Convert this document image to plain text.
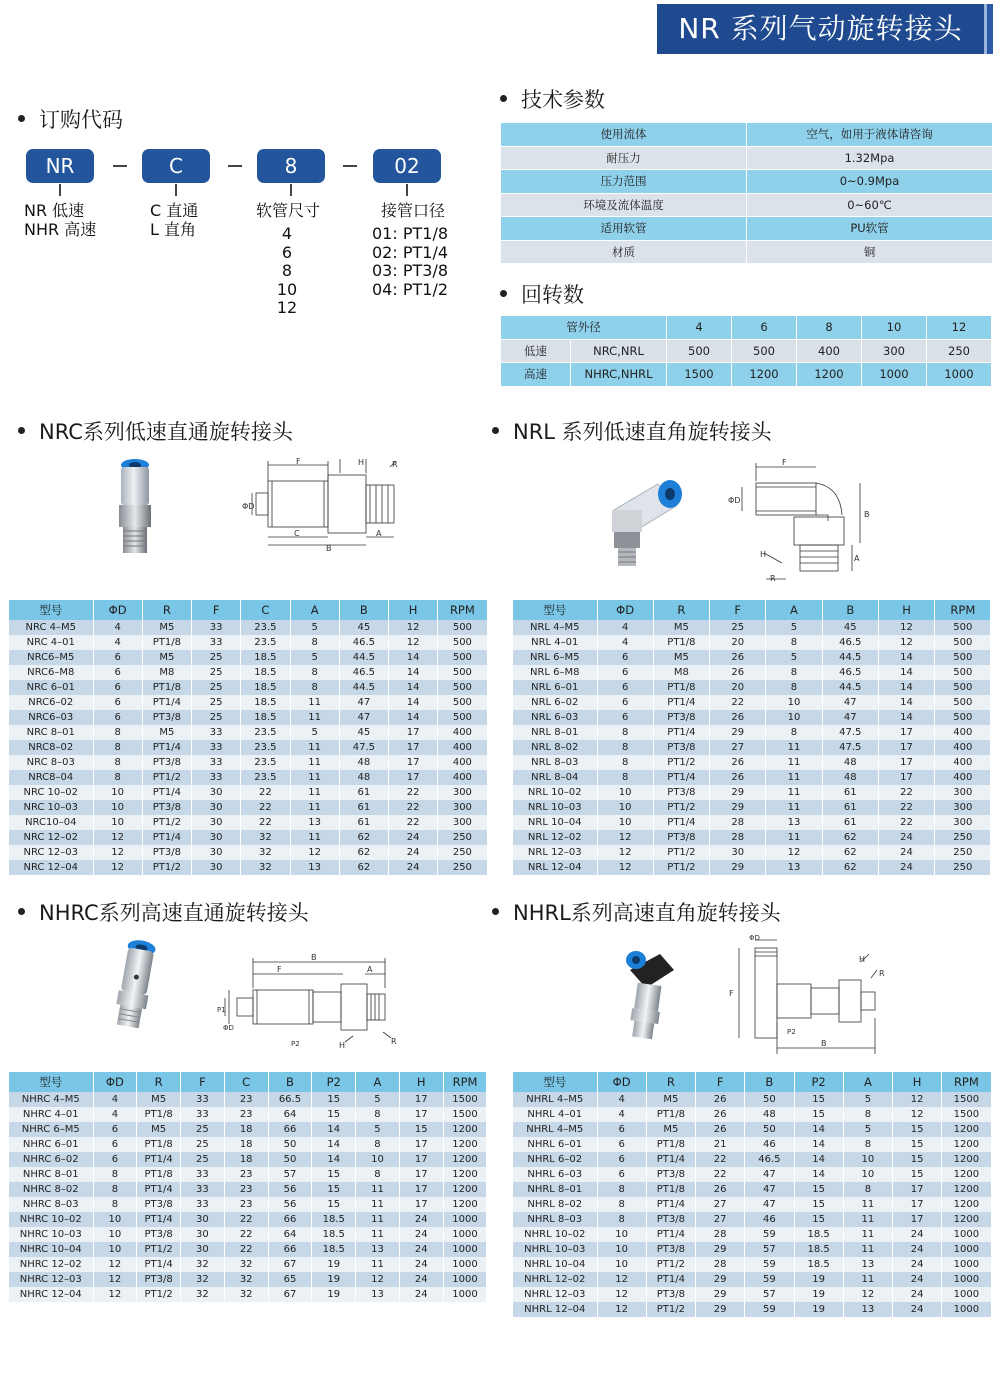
NR 系列气动旋转接头
订购代码
NR	C	8	02
NR 低速
NHR 高速
C 直通
L 直角
软管尺寸
4
6
8
10
12
接管口径
01: PT1/8
02: PT1/4
03: PT3/8
04: PT1/2
技术参数
使用流体	空气，如用于液体请咨询
耐压力	1.32Mpa
压力范围	0~0.9Mpa
环境及流体温度	0~60℃
适用软管	PU软管
材质	铜
回转数
管外径		4	6	8	10	12
低速	NRC,NRL	500	500	400	300	250
高速	NHRC,NHRL	1500	1200	1200	1000	1000
NRC系列低速直通旋转接头	NRL 系列低速直角旋转接头
NHRC系列高速直通旋转接头	NHRL系列高速直角旋转接头
F	H	R
ΦD
C
B
A
F
ΦD
H
B
A
R
B
F	A
ΦD
P1
P2	H	R
ΦD
H
R
F
P2
B
型号	ΦD	R	F	C	A	B	H	RPM
NRC 4–M5	4	M5	33	23.5	5	45	12	500
NRC 4–01	4	PT1/8	33	23.5	8	46.5	12	500
NRC6–M5	6	M5	25	18.5	5	44.5	14	500
NRC6–M8	6	M8	25	18.5	8	46.5	14	500
NRC 6–01	6	PT1/8	25	18.5	8	44.5	14	500
NRC6–02	6	PT1/4	25	18.5	11	47	14	500
NRC6–03	6	PT3/8	25	18.5	11	47	14	500
NRC 8–01	8	M5	33	23.5	5	45	17	400
NRC8–02	8	PT1/4	33	23.5	11	47.5	17	400
NRC 8–03	8	PT3/8	33	23.5	11	48	17	400
NRC8–04	8	PT1/2	33	23.5	11	48	17	400
NRC 10–02	10	PT1/4	30	22	11	61	22	300
NRC 10–03	10	PT3/8	30	22	11	61	22	300
NRC10–04	10	PT1/2	30	22	13	61	22	300
NRC 12–02	12	PT1/4	30	32	11	62	24	250
NRC 12–03	12	PT3/8	30	32	12	62	24	250
NRC 12–04	12	PT1/2	30	32	13	62	24	250
型号	ΦD	R	F	A	B	H	RPM
NRL 4–M5	4	M5	25	5	45	12	500
NRL 4–01	4	PT1/8	20	8	46.5	12	500
NRL 6–M5	6	M5	26	5	44.5	14	500
NRL 6–M8	6	M8	26	8	46.5	14	500
NRL 6–01	6	PT1/8	20	8	44.5	14	500
NRL 6–02	6	PT1/4	22	10	47	14	500
NRL 6–03	6	PT3/8	26	10	47	14	500
NRL 8–01	8	PT1/4	29	8	47.5	17	400
NRL 8–02	8	PT3/8	27	11	47.5	17	400
NRL 8–03	8	PT1/2	26	11	48	17	400
NRL 8–04	8	PT1/4	26	11	48	17	400
NRL 10–02	10	PT3/8	29	11	61	22	300
NRL 10–03	10	PT1/2	29	11	61	22	300
NRL 10–04	10	PT1/4	28	13	61	22	300
NRL 12–02	12	PT3/8	28	11	62	24	250
NRL 12–03	12	PT1/2	30	12	62	24	250
NRL 12–04	12	PT1/2	29	13	62	24	250
型号	ΦD	R	F	C	B	P2	A	H	RPM
NHRC 4–M5	4	M5	33	23	66.5	15	5	17	1500
NHRC 4–01	4	PT1/8	33	23	64	15	8	17	1500
NHRC 6–M5	6	M5	25	18	66	14	5	15	1200
NHRC 6–01	6	PT1/8	25	18	50	14	8	17	1200
NHRC 6–02	6	PT1/4	25	18	50	14	10	17	1200
NHRC 8–01	8	PT1/8	33	23	57	15	8	17	1200
NHRC 8–02	8	PT1/4	33	23	56	15	11	17	1200
NHRC 8–03	8	PT3/8	33	23	56	15	11	17	1200
NHRC 10–02	10	PT1/4	30	22	66	18.5	11	24	1000
NHRC 10–03	10	PT3/8	30	22	64	18.5	11	24	1000
NHRC 10–04	10	PT1/2	30	22	66	18.5	13	24	1000
NHRC 12–02	12	PT1/4	32	32	67	19	11	24	1000
NHRC 12–03	12	PT3/8	32	32	65	19	12	24	1000
NHRC 12–04	12	PT1/2	32	32	67	19	13	24	1000
型号	ΦD	R	F	B	P2	A	H	RPM
NHRL 4–M5	4	M5	26	50	15	5	12	1500
NHRL 4–01	4	PT1/8	26	48	15	8	12	1500
NHRL 4–M5	6	M5	26	50	14	5	15	1200
NHRL 6–01	6	PT1/8	21	46	14	8	15	1200
NHRL 6–02	6	PT1/4	22	46.5	14	10	15	1200
NHRL 6–03	6	PT3/8	22	47	14	10	15	1200
NHRL 8–01	8	PT1/8	26	47	15	8	17	1200
NHRL 8–02	8	PT1/4	27	47	15	11	17	1200
NHRL 8–03	8	PT3/8	27	46	15	11	17	1200
NHRL 10–02	10	PT1/4	28	59	18.5	11	24	1000
NHRL 10–03	10	PT3/8	29	57	18.5	11	24	1000
NHRL 10–04	10	PT1/2	28	59	18.5	13	24	1000
NHRL 12–02	12	PT1/4	29	59	19	11	24	1000
NHRL 12–03	12	PT3/8	29	57	19	12	24	1000
NHRL 12–04	12	PT1/2	29	59	19	13	24	1000
